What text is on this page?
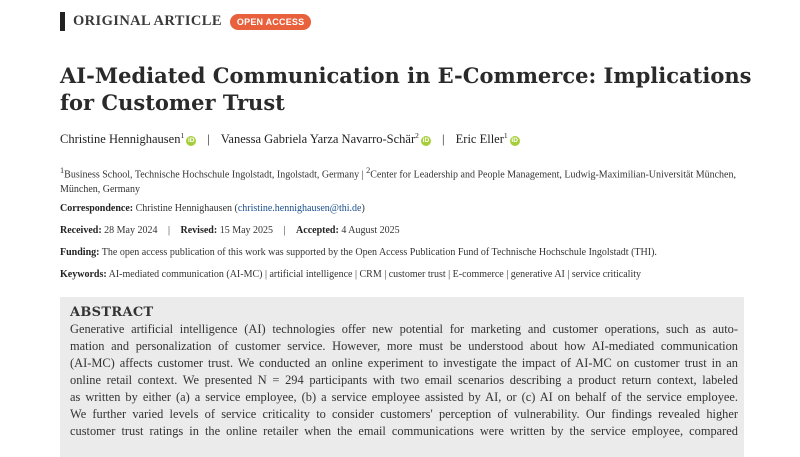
ORIGINAL ARTICLE	OPEN ACCESS
AI-Mediated Communication in E-Commerce: Implications for Customer Trust
Christine Hennighausen$^1$iD | Vanessa Gabriela Yarza Navarro-Schär$^2$iD | Eric Eller$^1$iD
$^1$Business School, Technische Hochschule Ingolstadt, Ingolstadt, Germany | $^2$Center for Leadership and People Management, Ludwig-Maximilian-Universität München, München, Germany
Correspondence: Christine Hennighausen (christine.hennighausen@thi.de)
Received: 28 May 2024 | Revised: 15 May 2025 | Accepted: 4 August 2025
Funding: The open access publication of this work was supported by the Open Access Publication Fund of Technische Hochschule Ingolstadt (THI).
Keywords: AI-mediated communication (AI-MC) | artificial intelligence | CRM | customer trust | E-commerce | generative AI | service criticality
ABSTRACT
Generative artificial intelligence (AI) technologies offer new potential for marketing and customer operations, such as auto-
mation and personalization of customer service. However, more must be understood about how AI-mediated communication
(AI-MC) affects customer trust. We conducted an online experiment to investigate the impact of AI-MC on customer trust in an
online retail context. We presented N = 294 participants with two email scenarios describing a product return context, labeled
as written by either (a) a service employee, (b) a service employee assisted by AI, or (c) AI on behalf of the service employee.
We further varied levels of service criticality to consider customers' perception of vulnerability. Our findings revealed higher
customer trust ratings in the online retailer when the email communications were written by the service employee, compared
